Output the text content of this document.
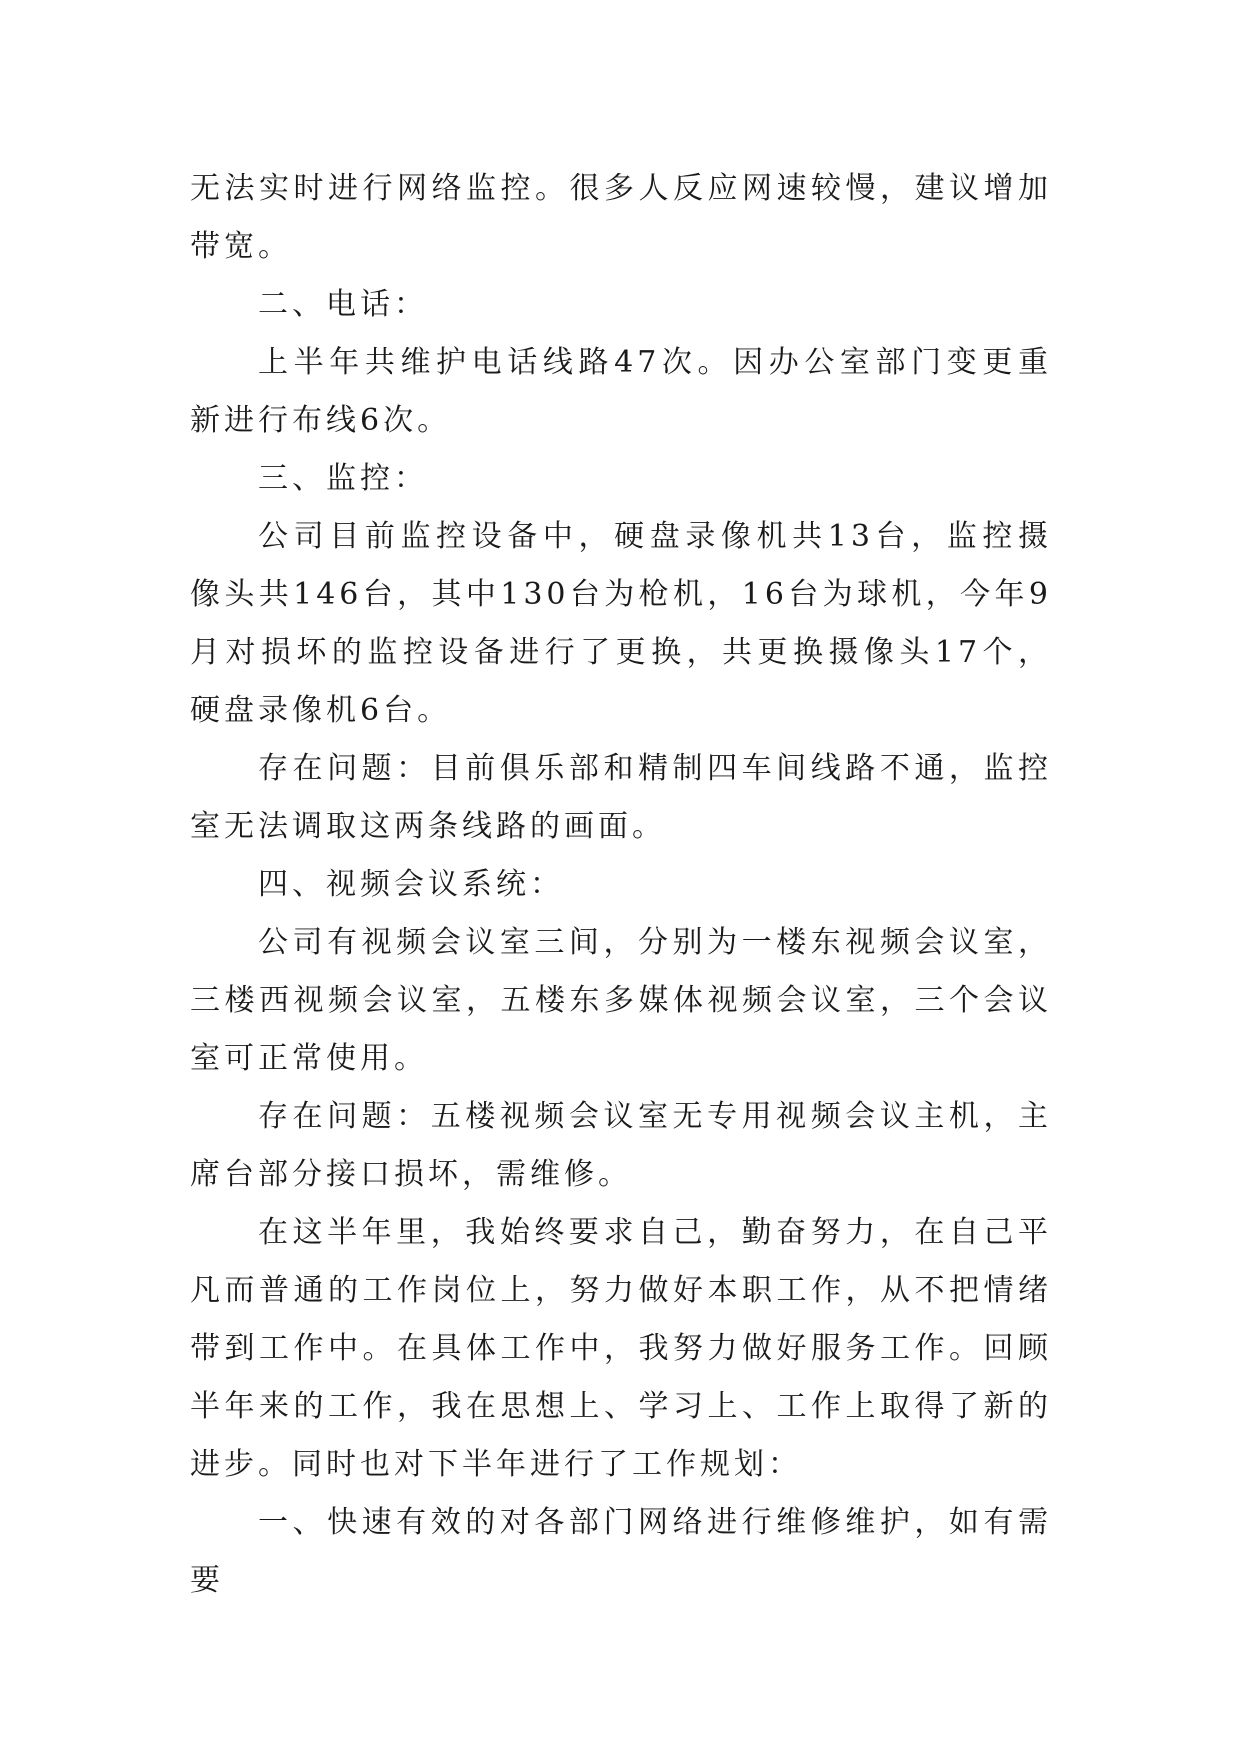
无法实时进行网络监控。很多人反应网速较慢，建议增加带宽。

二、电话：

上半年共维护电话线路47次。因办公室部门变更重新进行布线6次。

三、监控：

公司目前监控设备中，硬盘录像机共13台，监控摄像头共146台，其中130台为枪机，16台为球机，今年9月对损坏的监控设备进行了更换，共更换摄像头17个，硬盘录像机6台。

存在问题：目前俱乐部和精制四车间线路不通，监控室无法调取这两条线路的画面。

四、视频会议系统：

公司有视频会议室三间，分别为一楼东视频会议室，三楼西视频会议室，五楼东多媒体视频会议室，三个会议室可正常使用。

存在问题：五楼视频会议室无专用视频会议主机，主席台部分接口损坏，需维修。

在这半年里，我始终要求自己，勤奋努力，在自己平凡而普通的工作岗位上，努力做好本职工作，从不把情绪带到工作中。在具体工作中，我努力做好服务工作。回顾半年来的工作，我在思想上、学习上、工作上取得了新的进步。同时也对下半年进行了工作规划：

一、快速有效的对各部门网络进行维修维护，如有需要
